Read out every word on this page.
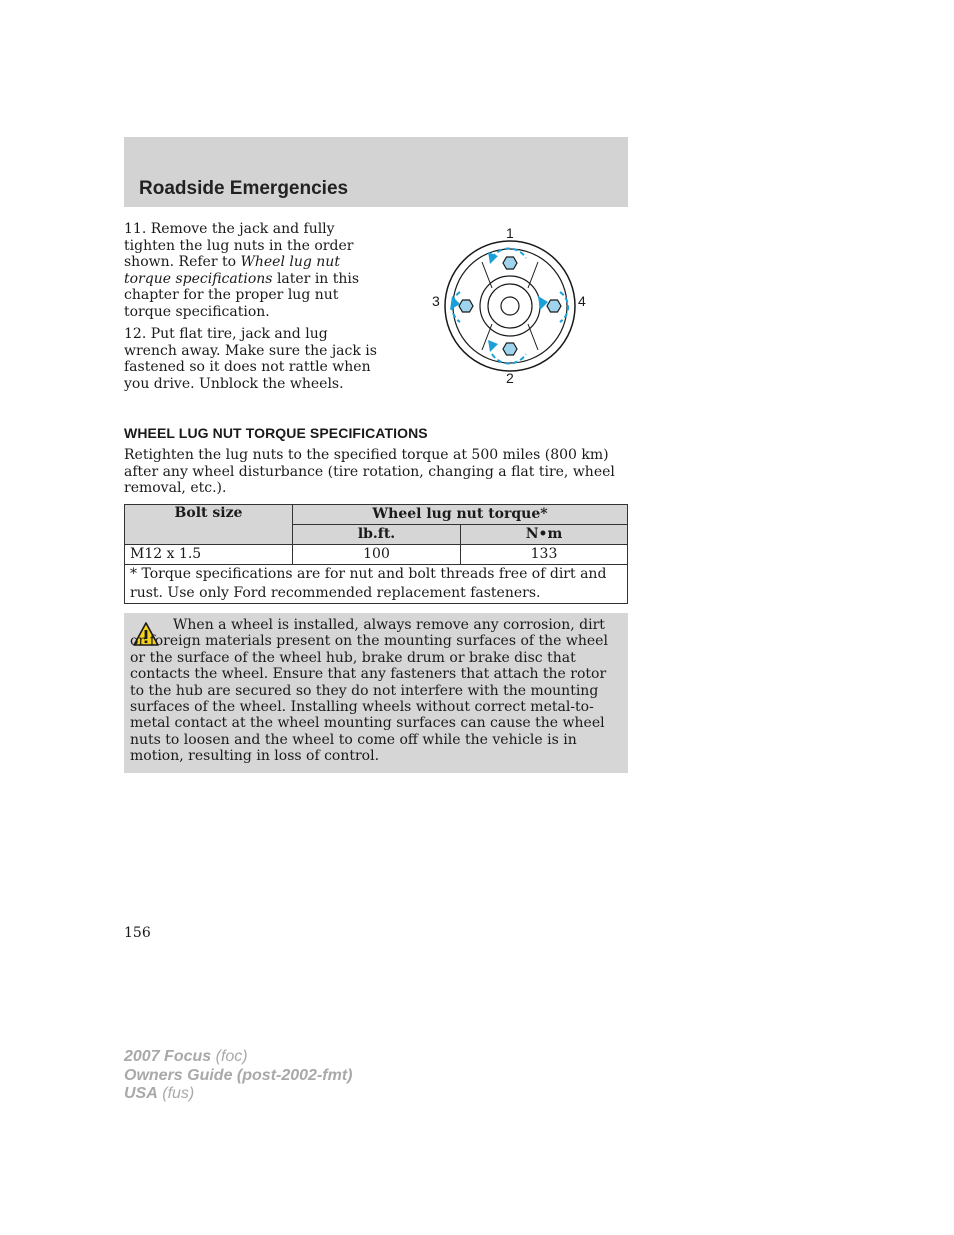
Roadside Emergencies

11. Remove the jack and fully tighten the lug nuts in the order shown. Refer to Wheel lug nut torque specifications later in this chapter for the proper lug nut torque specification.

12. Put flat tire, jack and lug wrench away. Make sure the jack is fastened so it does not rattle when you drive. Unblock the wheels.

1
2
3	4
WHEEL LUG NUT TORQUE SPECIFICATIONS

Retighten the lug nuts to the specified torque at 500 miles (800 km) after any wheel disturbance (tire rotation, changing a flat tire, wheel removal, etc.).

Bolt size	Wheel lug nut torque*	
	lb.ft.	N•m
M12 x 1.5	100	133
* Torque specifications are for nut and bolt threads free of dirt and rust. Use only Ford recommended replacement fasteners.		

When a wheel is installed, always remove any corrosion, dirt or foreign materials present on the mounting surfaces of the wheel or the surface of the wheel hub, brake drum or brake disc that contacts the wheel. Ensure that any fasteners that attach the rotor to the hub are secured so they do not interfere with the mounting surfaces of the wheel. Installing wheels without correct metal-to-metal contact at the wheel mounting surfaces can cause the wheel nuts to loosen and the wheel to come off while the vehicle is in motion, resulting in loss of control.

156

2007 Focus (foc)
Owners Guide (post-2002-fmt)
USA (fus)
